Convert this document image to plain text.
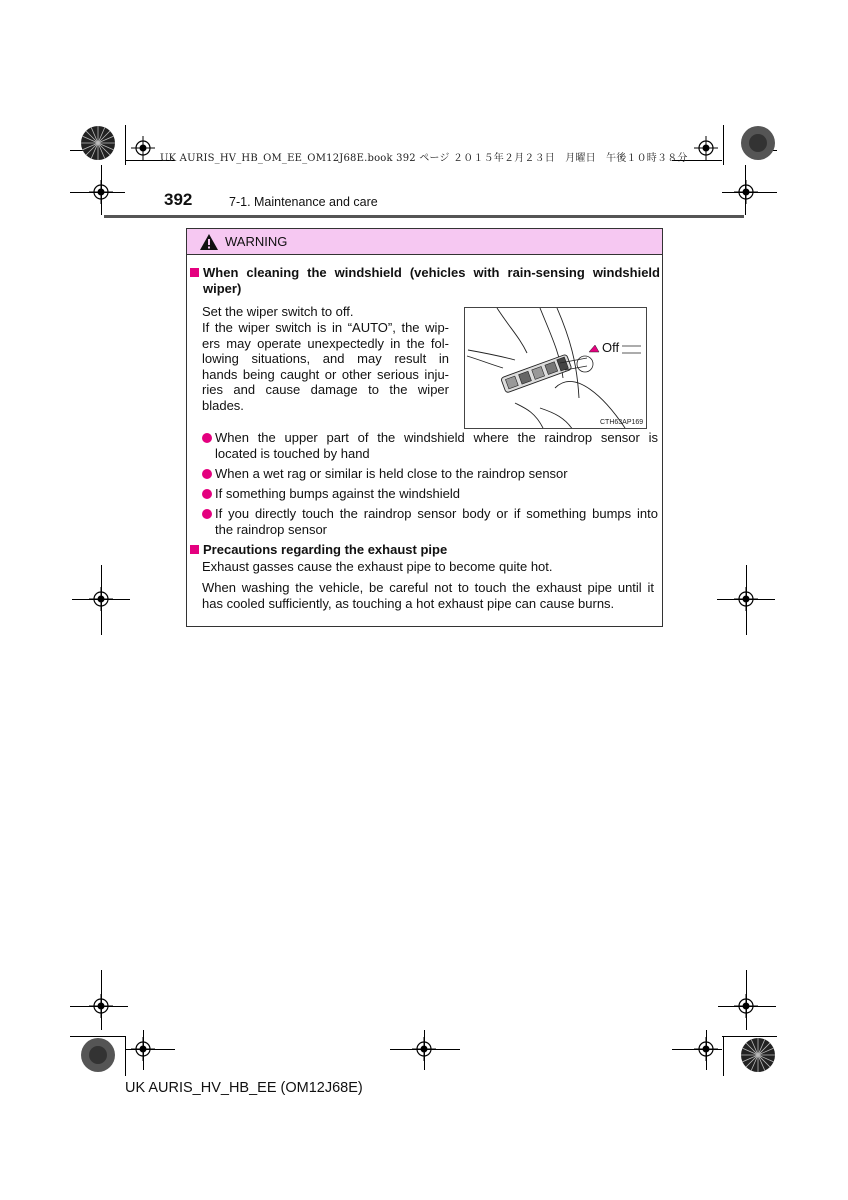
UK AURIS_HV_HB_OM_EE_OM12J68E.book 392 ページ ２０１５年２月２３日　月曜日　午後１０時３８分
392	7-1. Maintenance and care
WARNING
When cleaning the windshield (vehicles with rain-sensing windshield
wiper)
Set the wiper switch to off.
If the wiper switch is in “AUTO”, the wip-
ers may operate unexpectedly in the fol-
lowing situations, and may result in
hands being caught or other serious inju-
ries and cause damage to the wiper
blades.
Off
CTH63AP169
When the upper part of the windshield where the raindrop sensor is
located is touched by hand
When a wet rag or similar is held close to the raindrop sensor
If something bumps against the windshield
If you directly touch the raindrop sensor body or if something bumps into
the raindrop sensor
Precautions regarding the exhaust pipe
Exhaust gasses cause the exhaust pipe to become quite hot.
When washing the vehicle, be careful not to touch the exhaust pipe until it
has cooled sufficiently, as touching a hot exhaust pipe can cause burns.
UK AURIS_HV_HB_EE (OM12J68E)
